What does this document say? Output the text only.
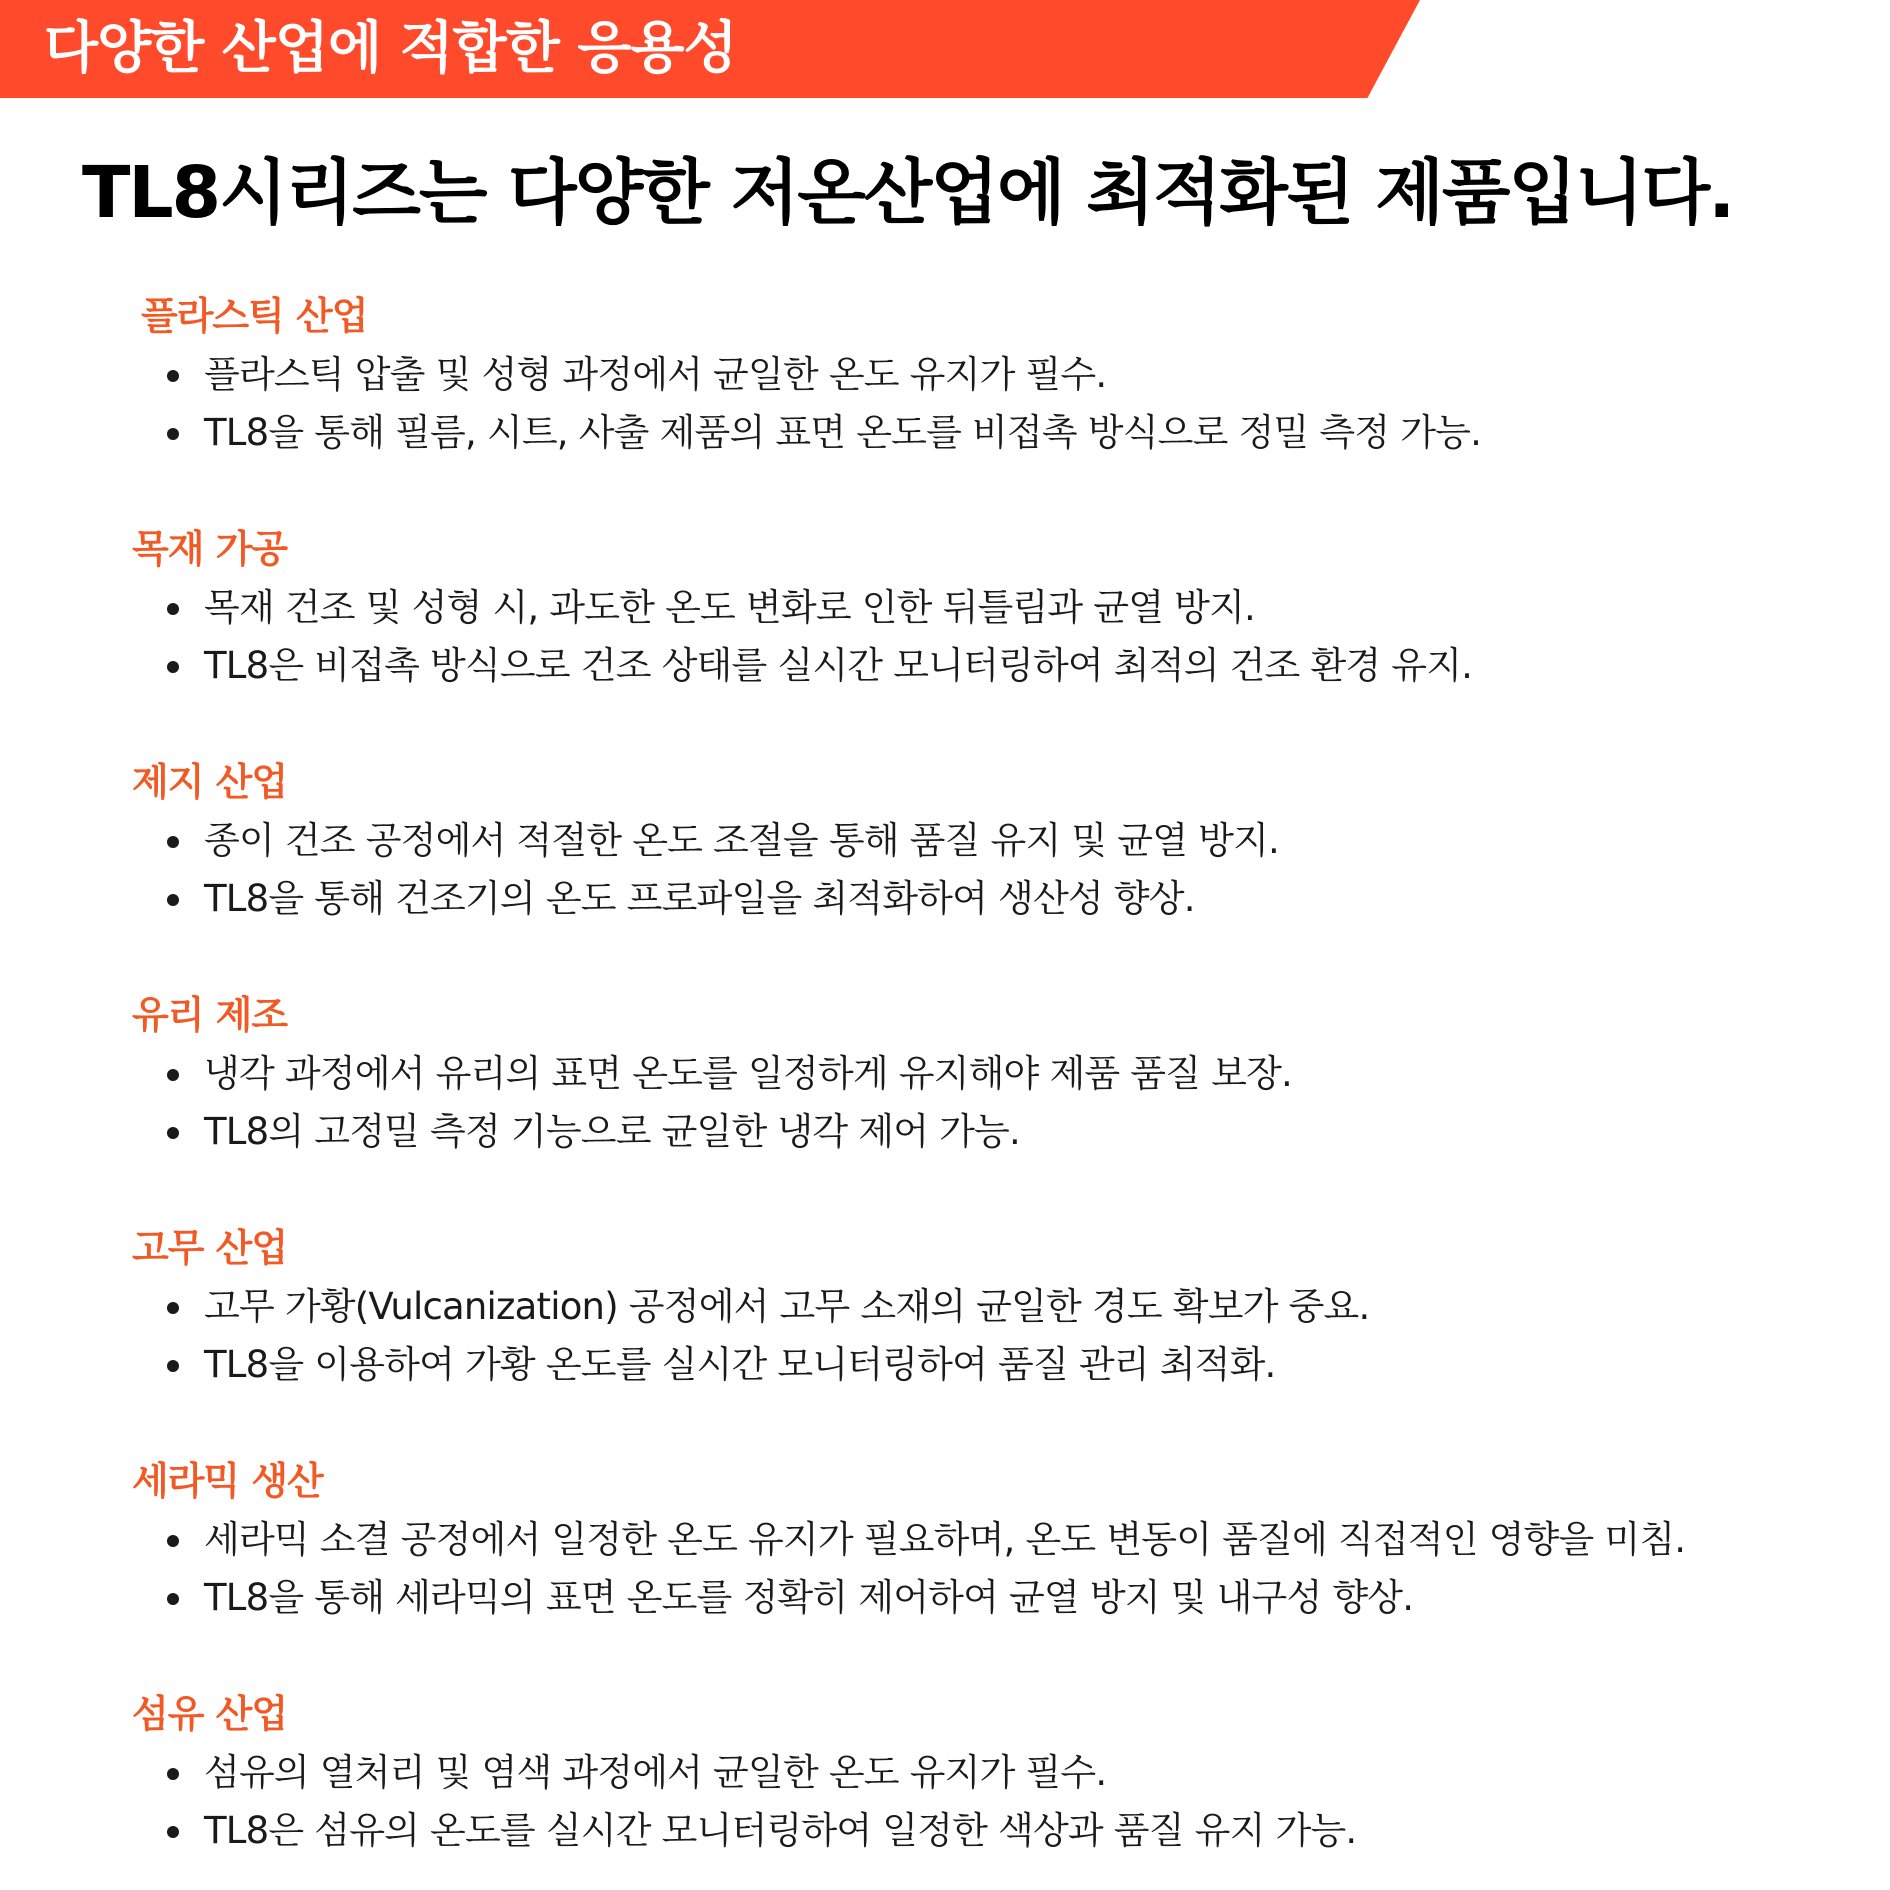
다양한 산업에 적합한 응용성
TL8시리즈는 다양한 저온산업에 최적화된 제품입니다.
플라스틱 산업
플라스틱 압출 및 성형 과정에서 균일한 온도 유지가 필수.
TL8을 통해 필름, 시트, 사출 제품의 표면 온도를 비접촉 방식으로 정밀 측정 가능.
목재 가공
목재 건조 및 성형 시, 과도한 온도 변화로 인한 뒤틀림과 균열 방지.
TL8은 비접촉 방식으로 건조 상태를 실시간 모니터링하여 최적의 건조 환경 유지.
제지 산업
종이 건조 공정에서 적절한 온도 조절을 통해 품질 유지 및 균열 방지.
TL8을 통해 건조기의 온도 프로파일을 최적화하여 생산성 향상.
유리 제조
냉각 과정에서 유리의 표면 온도를 일정하게 유지해야 제품 품질 보장.
TL8의 고정밀 측정 기능으로 균일한 냉각 제어 가능.
고무 산업
고무 가황(Vulcanization) 공정에서 고무 소재의 균일한 경도 확보가 중요.
TL8을 이용하여 가황 온도를 실시간 모니터링하여 품질 관리 최적화.
세라믹 생산
세라믹 소결 공정에서 일정한 온도 유지가 필요하며, 온도 변동이 품질에 직접적인 영향을 미침.
TL8을 통해 세라믹의 표면 온도를 정확히 제어하여 균열 방지 및 내구성 향상.
섬유 산업
섬유의 열처리 및 염색 과정에서 균일한 온도 유지가 필수.
TL8은 섬유의 온도를 실시간 모니터링하여 일정한 색상과 품질 유지 가능.
